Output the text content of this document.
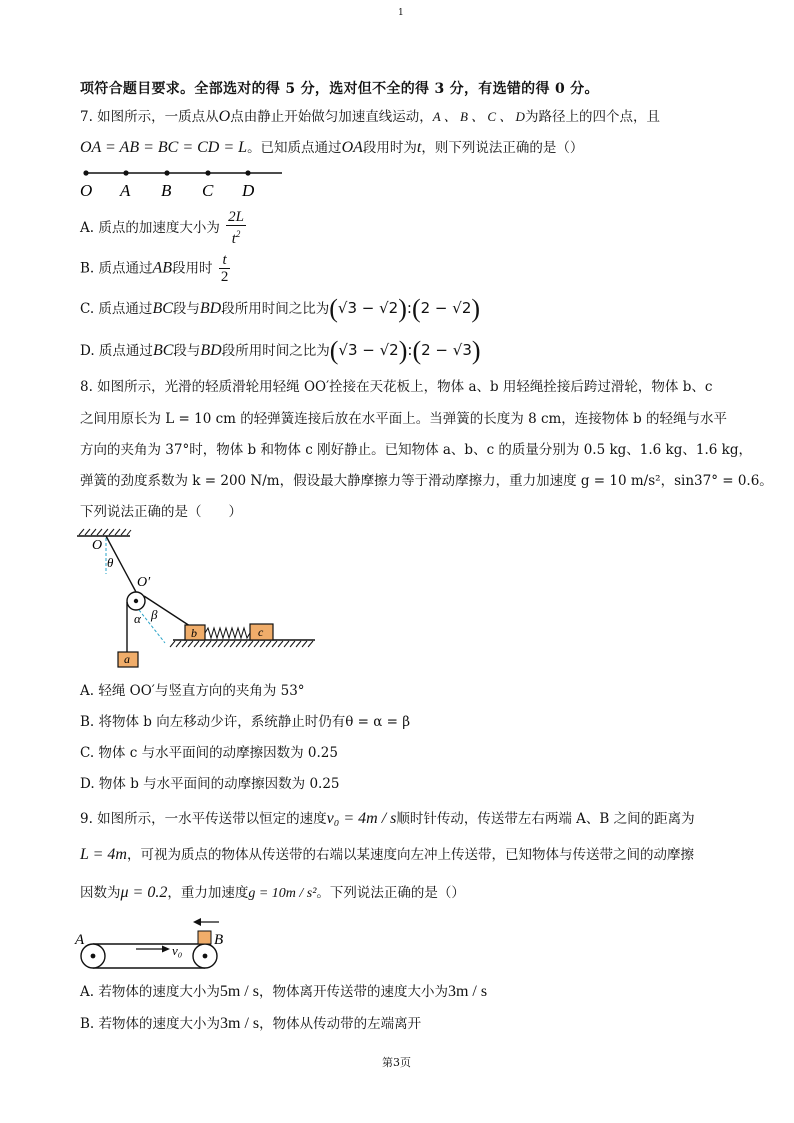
1
项符合题目要求。全部选对的得 5 分，选对但不全的得 3 分，有选错的得 0 分。
7. 如图所示，一质点从O点由静止开始做匀加速直线运动，A 、 B 、 C 、 D为路径上的四个点，且
OA = AB = BC = CD = L。已知质点通过OA段用时为t，则下列说法正确的是（）
O A B C D
A. 质点的加速度大小为 $\frac{2L}{t^2}$
B. 质点通过AB段用时 $\frac{t}{2}$
C. 质点通过BC段与BD段所用时间之比为(√3 − √2):(2 − √2)
D. 质点通过BC段与BD段所用时间之比为(√3 − √2):(2 − √3)
8. 如图所示，光滑的轻质滑轮用轻绳 OO′拴接在天花板上，物体 a、b 用轻绳拴接后跨过滑轮，物体 b、c
之间用原长为 L = 10 cm 的轻弹簧连接后放在水平面上。当弹簧的长度为 8 cm，连接物体 b 的轻绳与水平
方向的夹角为 37°时，物体 b 和物体 c 刚好静止。已知物体 a、b、c 的质量分别为 0.5 kg、1.6 kg、1.6 kg，
弹簧的劲度系数为 k = 200 N/m，假设最大静摩擦力等于滑动摩擦力，重力加速度 g = 10 m/s²，sin37° = 0.6。
下列说法正确的是（　　）
O
θ
O′
α β
a
b	c
A. 轻绳 OO′与竖直方向的夹角为 53°
B. 将物体 b 向左移动少许，系统静止时仍有θ = α = β
C. 物体 c 与水平面间的动摩擦因数为 0.25
D. 物体 b 与水平面间的动摩擦因数为 0.25
9. 如图所示，一水平传送带以恒定的速度v₀ = 4m / s顺时针传动，传送带左右两端 A、B 之间的距离为
L = 4m，可视为质点的物体从传送带的右端以某速度向左冲上传送带，已知物体与传送带之间的动摩擦
因数为μ = 0.2，重力加速度g = 10m / s²。下列说法正确的是（）
A	B
v₀
A. 若物体的速度大小为5m / s，物体离开传送带的速度大小为3m / s
B. 若物体的速度大小为3m / s，物体从传动带的左端离开
第3页
